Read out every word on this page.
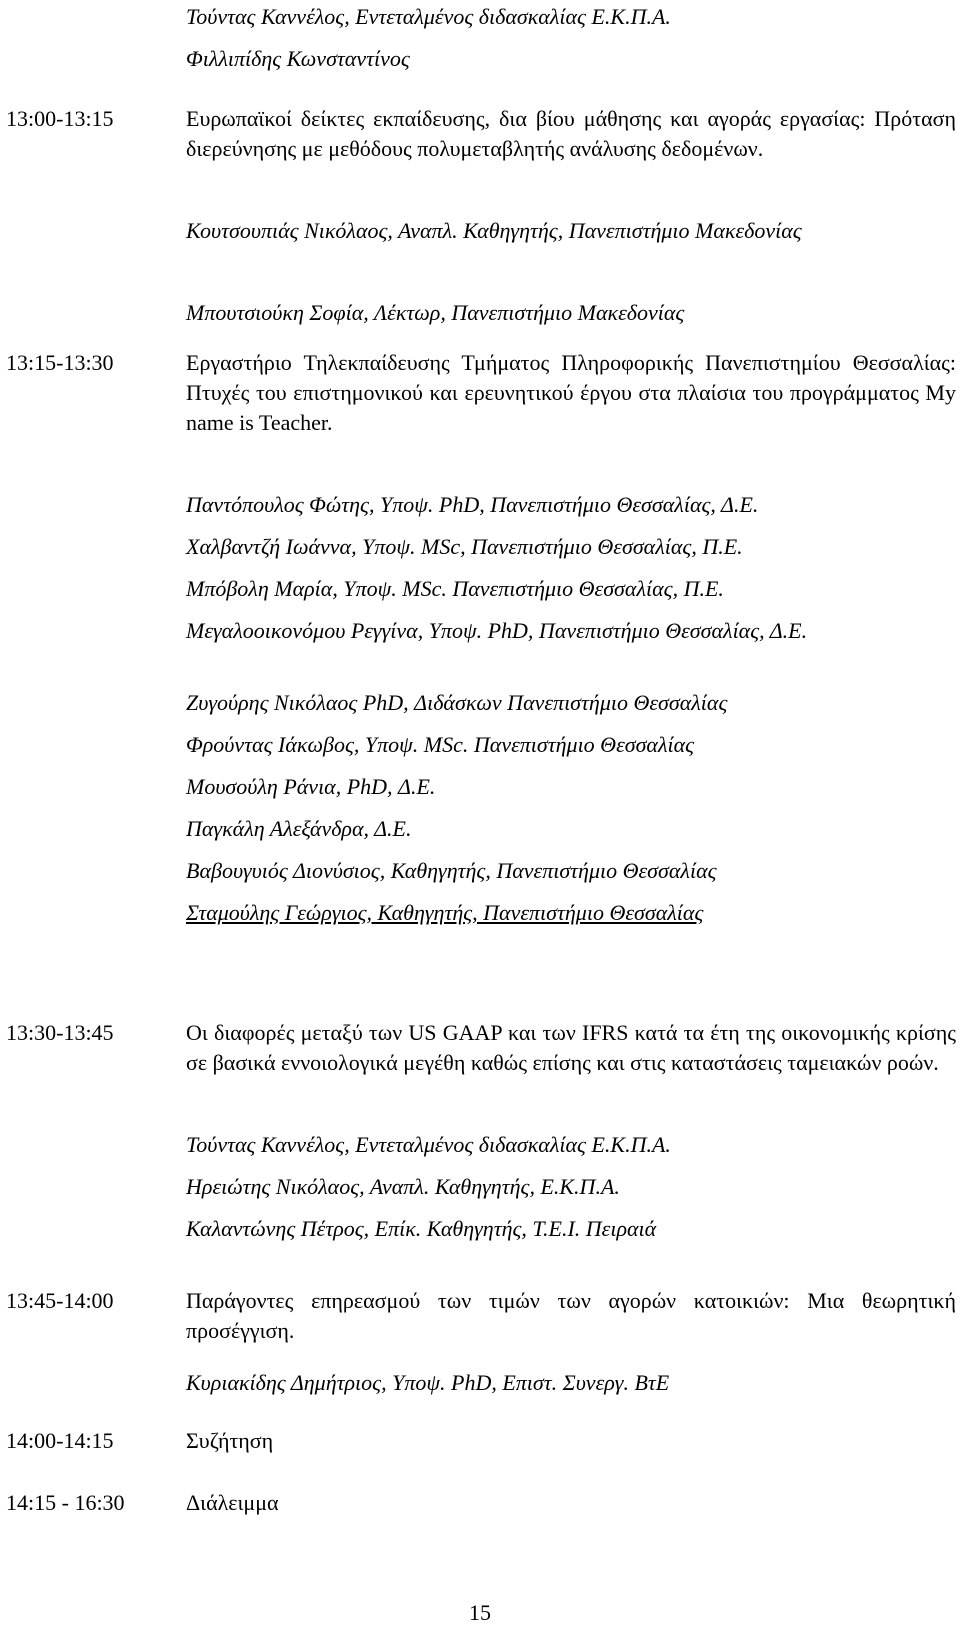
Τούντας Καννέλος, Εντεταλμένος διδασκαλίας Ε.Κ.Π.Α.

Φιλλιπίδης Κωνσταντίνος

13:00-13:15	Ευρωπαϊκοί δείκτες εκπαίδευσης, δια βίου μάθησης και αγοράς εργασίας: Πρόταση διερεύνησης με μεθόδους πολυμεταβλητής ανάλυσης δεδομένων.

Κουτσουπιάς Νικόλαος, Αναπλ. Καθηγητής, Πανεπιστήμιο Μακεδονίας

Μπουτσιούκη Σοφία, Λέκτωρ, Πανεπιστήμιο Μακεδονίας

13:15-13:30	Εργαστήριο Τηλεκπαίδευσης Τμήματος Πληροφορικής Πανεπιστημίου Θεσσαλίας: Πτυχές του επιστημονικού και ερευνητικού έργου στα πλαίσια του προγράμματος My name is Teacher.

Παντόπουλος Φώτης, Υποψ. PhD, Πανεπιστήμιο Θεσσαλίας, Δ.Ε.

Χαλβαντζή Ιωάννα, Υποψ. MSc, Πανεπιστήμιο Θεσσαλίας, Π.Ε.

Μπόβολη Μαρία, Υποψ. MSc. Πανεπιστήμιο Θεσσαλίας, Π.Ε.

Μεγαλοοικονόμου Ρεγγίνα, Υποψ. PhD, Πανεπιστήμιο Θεσσαλίας, Δ.Ε.

Ζυγούρης Νικόλαος PhD, Διδάσκων Πανεπιστήμιο Θεσσαλίας

Φρούντας Ιάκωβος, Υποψ. MSc. Πανεπιστήμιο Θεσσαλίας

Μουσούλη Ράνια, PhD, Δ.Ε.

Παγκάλη Αλεξάνδρα, Δ.Ε.

Βαβουγυιός Διονύσιος, Καθηγητής, Πανεπιστήμιο Θεσσαλίας

Σταμούλης Γεώργιος, Καθηγητής, Πανεπιστήμιο Θεσσαλίας

13:30-13:45	Οι διαφορές μεταξύ των US GAAP και των IFRS κατά τα έτη της οικονομικής κρίσης σε βασικά εννοιολογικά μεγέθη καθώς επίσης και στις καταστάσεις ταμειακών ροών.

Τούντας Καννέλος, Εντεταλμένος διδασκαλίας Ε.Κ.Π.Α.

Ηρειώτης Νικόλαος, Αναπλ. Καθηγητής, Ε.Κ.Π.Α.

Καλαντώνης Πέτρος, Επίκ. Καθηγητής, Τ.Ε.Ι. Πειραιά

13:45-14:00	Παράγοντες επηρεασμού των τιμών των αγορών κατοικιών: Μια θεωρητική προσέγγιση.

Κυριακίδης Δημήτριος, Υποψ. PhD, Επιστ. Συνεργ. ΒτΕ

14:00-14:15	Συζήτηση

14:15 - 16:30	Διάλειμμα

15
